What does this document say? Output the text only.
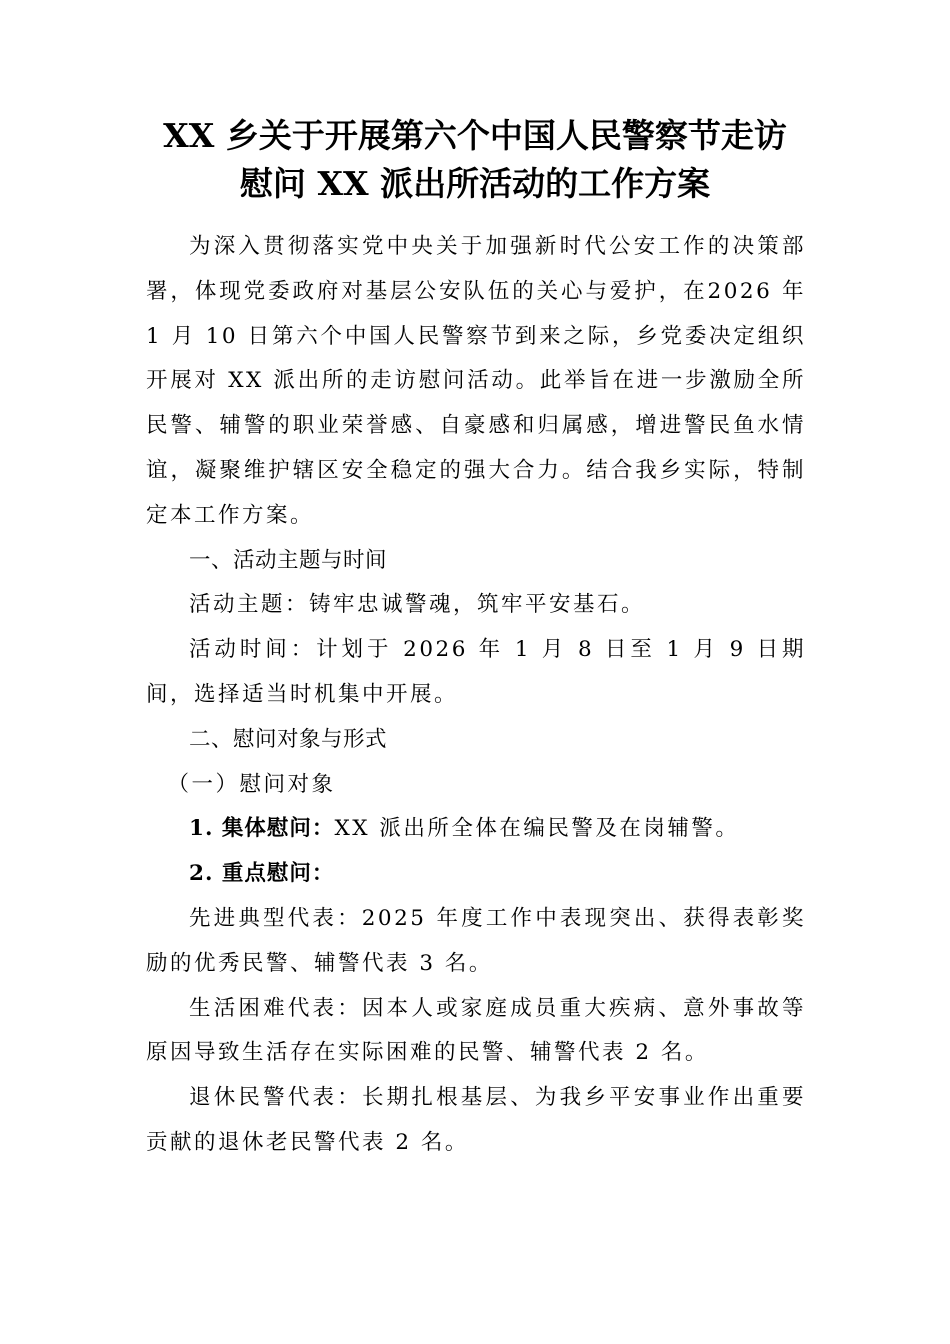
XX 乡关于开展第六个中国人民警察节走访
慰问 XX 派出所活动的工作方案

为深入贯彻落实党中央关于加强新时代公安工作的决策部署，体现党委政府对基层公安队伍的关心与爱护，在2026 年 1 月 10 日第六个中国人民警察节到来之际，乡党委决定组织开展对 XX 派出所的走访慰问活动。此举旨在进一步激励全所民警、辅警的职业荣誉感、自豪感和归属感，增进警民鱼水情谊，凝聚维护辖区安全稳定的强大合力。结合我乡实际，特制定本工作方案。

一、活动主题与时间

活动主题：铸牢忠诚警魂，筑牢平安基石。

活动时间：计划于 2026 年 1 月 8 日至 1 月 9 日期间，选择适当时机集中开展。

二、慰问对象与形式

（一）慰问对象

1. 集体慰问：XX 派出所全体在编民警及在岗辅警。

2. 重点慰问：

先进典型代表：2025 年度工作中表现突出、获得表彰奖励的优秀民警、辅警代表 3 名。

生活困难代表：因本人或家庭成员重大疾病、意外事故等原因导致生活存在实际困难的民警、辅警代表 2 名。

退休民警代表：长期扎根基层、为我乡平安事业作出重要贡献的退休老民警代表 2 名。
